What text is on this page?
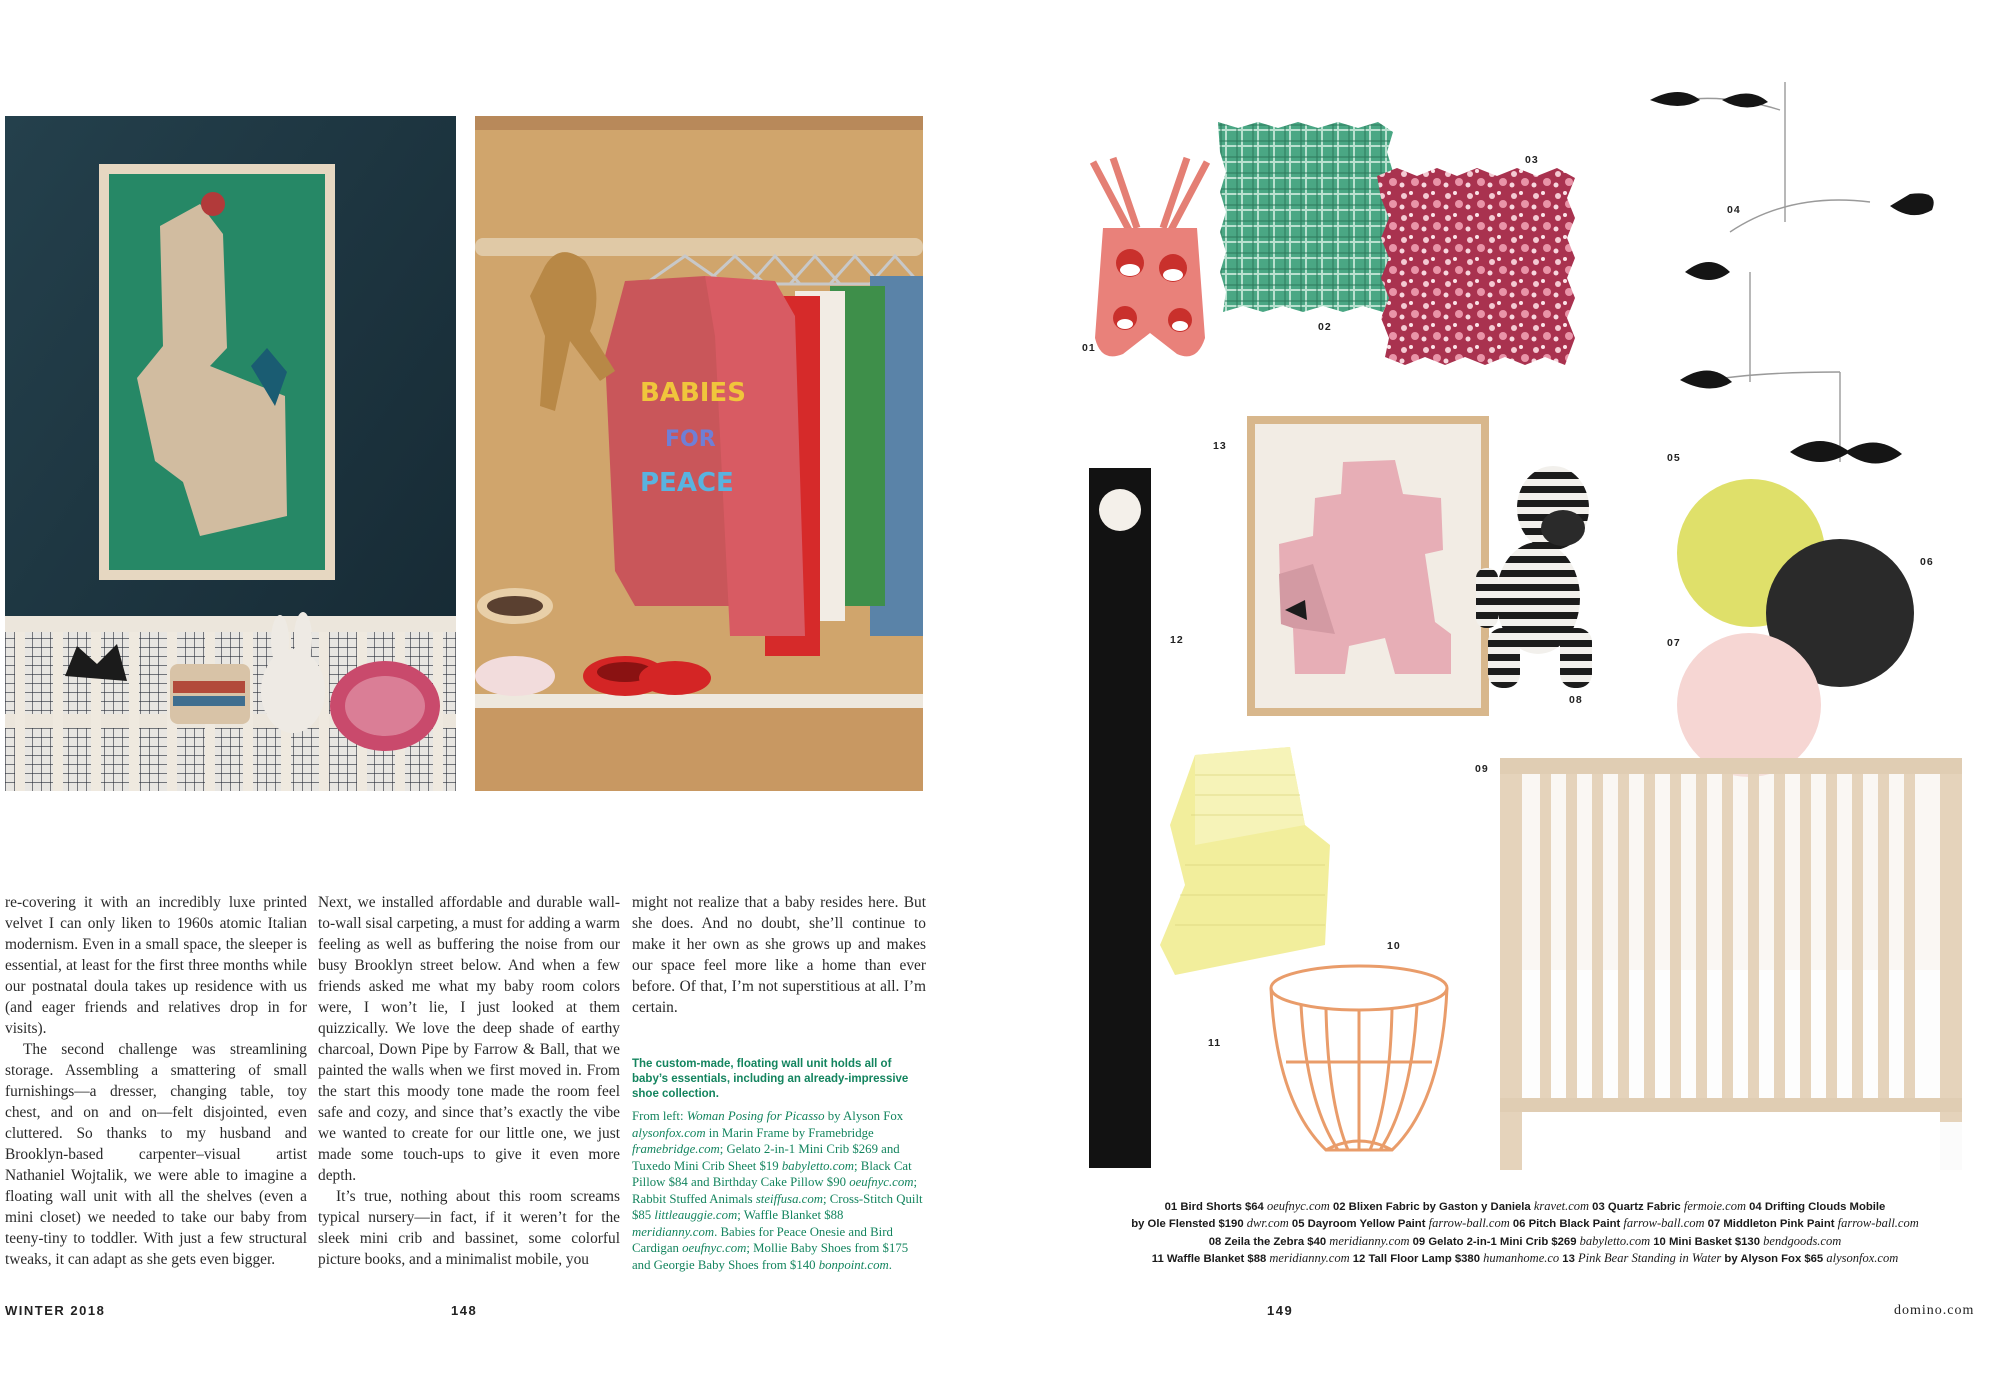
BABIES
FOR
PEACE

re-covering it with an incredibly luxe printed velvet I can only liken to 1960s atomic Italian modernism. Even in a small space, the sleeper is essential, at least for the first three months while our postnatal doula takes up residence with us (and eager friends and relatives drop in for visits).

The second challenge was streamlining storage. Assembling a smattering of small furnishings—a dresser, changing table, toy chest, and on and on—felt disjointed, even cluttered. So thanks to my husband and Brooklyn-based carpenter–visual artist Nathaniel Wojtalik, we were able to imagine a floating wall unit with all the shelves (even a mini closet) we needed to take our baby from teeny-tiny to toddler. With just a few structural tweaks, it can adapt as she gets even bigger.

Next, we installed affordable and durable wall-to-wall sisal carpeting, a must for adding a warm feeling as well as buffering the noise from our busy Brooklyn street below. And when a few friends asked me what my baby room colors were, I won’t lie, I just looked at them quizzically. We love the deep shade of earthy charcoal, Down Pipe by Farrow & Ball, that we painted the walls when we first moved in. From the start this moody tone made the room feel safe and cozy, and since that’s exactly the vibe we wanted to create for our little one, we just made some touch-ups to give it even more depth.

It’s true, nothing about this room screams typical nursery—in fact, if it weren’t for the sleek mini crib and bassinet, some colorful picture books, and a minimalist mobile, you

might not realize that a baby resides here. But she does. And no doubt, she’ll continue to make it her own as she grows up and makes our space feel more like a home than ever before. Of that, I’m not superstitious at all. I’m certain.

The custom-made, floating wall unit holds all of baby’s essentials, including an already-impressive shoe collection.
From left: Woman Posing for Picasso by Alyson Fox alysonfox.com in Marin Frame by Framebridge framebridge.com; Gelato 2-in-1 Mini Crib $269 and Tuxedo Mini Crib Sheet $19 babyletto.com; Black Cat Pillow $84 and Birthday Cake Pillow $90 oeufnyc.com; Rabbit Stuffed Animals steiffusa.com; Cross-Stitch Quilt $85 littleauggie.com; Waffle Blanket $88 meridianny.com. Babies for Peace Onesie and Bird Cardigan oeufnyc.com; Mollie Baby Shoes from $175 and Georgie Baby Shoes from $140 bonpoint.com.
01
02
03
04
05
06
07
12
13
08
11
10
09
01 Bird Shorts $64 oeufnyc.com 02 Blixen Fabric by Gaston y Daniela kravet.com 03 Quartz Fabric fermoie.com 04 Drifting Clouds Mobile
by Ole Flensted $190 dwr.com 05 Dayroom Yellow Paint farrow-ball.com 06 Pitch Black Paint farrow-ball.com 07 Middleton Pink Paint farrow-ball.com
08 Zeila the Zebra $40 meridianny.com 09 Gelato 2-in-1 Mini Crib $269 babyletto.com 10 Mini Basket $130 bendgoods.com
11 Waffle Blanket $88 meridianny.com 12 Tall Floor Lamp $380 humanhome.co 13 Pink Bear Standing in Water by Alyson Fox $65 alysonfox.com
WINTER 2018	148	149	domino.com
